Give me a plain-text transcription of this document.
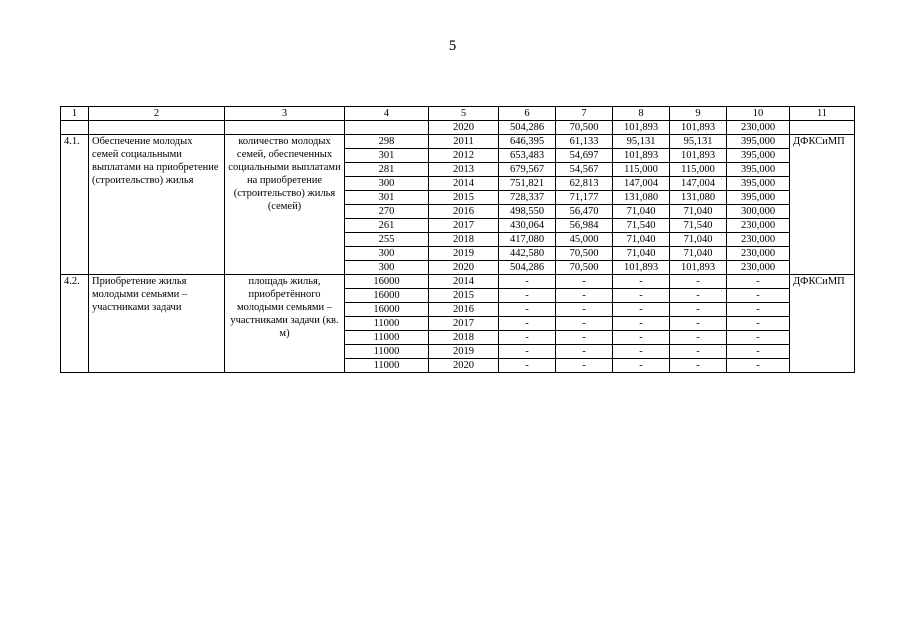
5
1	2	3	4	5	6	7	8	9	10	11
				2020	504,286	70,500	101,893	101,893	230,000	
4.1.	Обеспечение молодых семей социальными выплатами на приобретение (строительство) жилья	количество молодых семей, обеспеченных социальными выплатами на приобретение (строительство) жилья (семей)	298	2011	646,395	61,133	95,131	95,131	395,000	ДФКСиМП
			301	2012	653,483	54,697	101,893	101,893	395,000	
			281	2013	679,567	54,567	115,000	115,000	395,000	
			300	2014	751,821	62,813	147,004	147,004	395,000	
			301	2015	728,337	71,177	131,080	131,080	395,000	
			270	2016	498,550	56,470	71,040	71,040	300,000	
			261	2017	430,064	56,984	71,540	71,540	230,000	
			255	2018	417,080	45,000	71,040	71,040	230,000	
			300	2019	442,580	70,500	71,040	71,040	230,000	
			300	2020	504,286	70,500	101,893	101,893	230,000	
4.2.	Приобретение жилья молодыми семьями – участниками задачи	площадь жилья, приобретённого молодыми семьями – участниками задачи (кв. м)	16000	2014	-	-	-	-	-	ДФКСиМП
			16000	2015	-	-	-	-	-	
			16000	2016	-	-	-	-	-	
			11000	2017	-	-	-	-	-	
			11000	2018	-	-	-	-	-	
			11000	2019	-	-	-	-	-	
			11000	2020	-	-	-	-	-	
